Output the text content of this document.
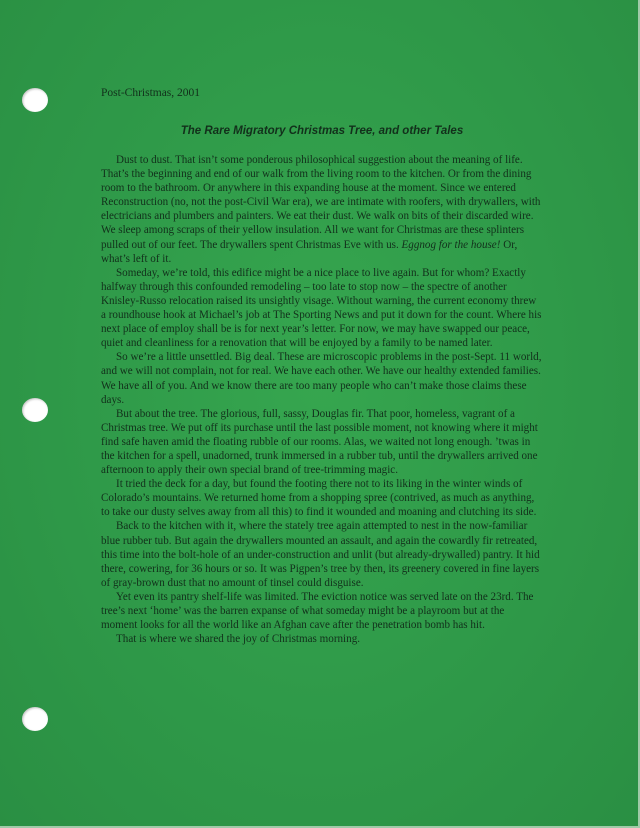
Post-Christmas, 2001
The Rare Migratory Christmas Tree, and other Tales

Dust to dust. That isn’t some ponderous philosophical suggestion about the meaning of life. That’s the beginning and end of our walk from the living room to the kitchen. Or from the dining room to the bathroom. Or anywhere in this expanding house at the moment. Since we entered Reconstruction (no, not the post-Civil War era), we are intimate with roofers, with drywallers, with electricians and plumbers and painters. We eat their dust. We walk on bits of their discarded wire. We sleep among scraps of their yellow insulation. All we want for Christmas are these splinters pulled out of our feet. The drywallers spent Christmas Eve with us. Eggnog for the house! Or, what’s left of it.

Someday, we’re told, this edifice might be a nice place to live again. But for whom? Exactly halfway through this confounded remodeling – too late to stop now – the spectre of another Knisley-Russo relocation raised its unsightly visage. Without warning, the current economy threw a roundhouse hook at Michael’s job at The Sporting News and put it down for the count. Where his next place of employ shall be is for next year’s letter. For now, we may have swapped our peace, quiet and cleanliness for a renovation that will be enjoyed by a family to be named later.

So we’re a little unsettled. Big deal. These are microscopic problems in the post-Sept. 11 world, and we will not complain, not for real. We have each other. We have our healthy extended families. We have all of you. And we know there are too many people who can’t make those claims these days.

But about the tree. The glorious, full, sassy, Douglas fir. That poor, homeless, vagrant of a Christmas tree. We put off its purchase until the last possible moment, not knowing where it might find safe haven amid the floating rubble of our rooms. Alas, we waited not long enough. ’twas in the kitchen for a spell, unadorned, trunk immersed in a rubber tub, until the drywallers arrived one afternoon to apply their own special brand of tree-trimming magic.

It tried the deck for a day, but found the footing there not to its liking in the winter winds of Colorado’s mountains. We returned home from a shopping spree (contrived, as much as anything, to take our dusty selves away from all this) to find it wounded and moaning and clutching its side.

Back to the kitchen with it, where the stately tree again attempted to nest in the now-familiar blue rubber tub. But again the drywallers mounted an assault, and again the cowardly fir retreated, this time into the bolt-hole of an under-construction and unlit (but already-drywalled) pantry. It hid there, cowering, for 36 hours or so. It was Pigpen’s tree by then, its greenery covered in fine layers of gray-brown dust that no amount of tinsel could disguise.

Yet even its pantry shelf-life was limited. The eviction notice was served late on the 23rd. The tree’s next ‘home’ was the barren expanse of what someday might be a playroom but at the moment looks for all the world like an Afghan cave after the penetration bomb has hit.

That is where we shared the joy of Christmas morning.
